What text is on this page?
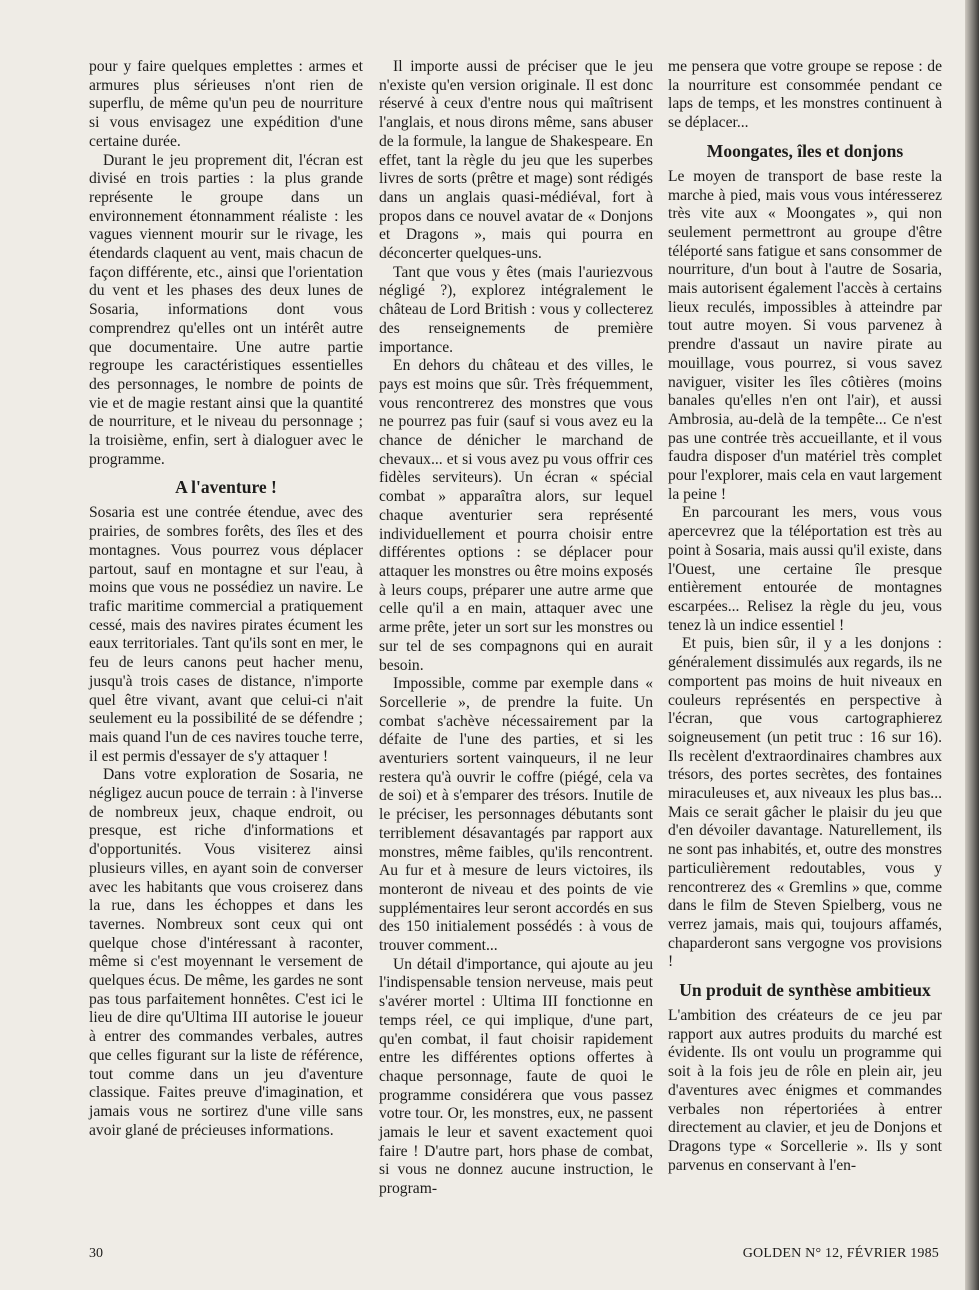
pour y faire quelques emplettes : armes et armures plus sérieuses n'ont rien de superflu, de même qu'un peu de nourriture si vous envisagez une expédition d'une certaine durée.

Durant le jeu proprement dit, l'écran est divisé en trois parties : la plus grande représente le groupe dans un environnement étonnamment réaliste : les vagues viennent mourir sur le rivage, les étendards claquent au vent, mais chacun de façon différente, etc., ainsi que l'orientation du vent et les phases des deux lunes de Sosaria, informations dont vous comprendrez qu'elles ont un intérêt autre que documentaire. Une autre partie regroupe les caractéristiques essentielles des personnages, le nombre de points de vie et de magie restant ainsi que la quantité de nourriture, et le niveau du personnage ; la troisième, enfin, sert à dialoguer avec le programme.

A l'aventure !

Sosaria est une contrée étendue, avec des prairies, de sombres forêts, des îles et des montagnes. Vous pourrez vous déplacer partout, sauf en montagne et sur l'eau, à moins que vous ne possédiez un navire. Le trafic maritime commercial a pratiquement cessé, mais des navires pirates écument les eaux territoriales. Tant qu'ils sont en mer, le feu de leurs canons peut hacher menu, jusqu'à trois cases de distance, n'importe quel être vivant, avant que celui-ci n'ait seulement eu la possibilité de se défendre ; mais quand l'un de ces navires touche terre, il est permis d'essayer de s'y attaquer !

Dans votre exploration de Sosaria, ne négligez aucun pouce de terrain : à l'inverse de nombreux jeux, chaque endroit, ou presque, est riche d'informations et d'opportunités. Vous visiterez ainsi plusieurs villes, en ayant soin de converser avec les habitants que vous croiserez dans la rue, dans les échoppes et dans les tavernes. Nombreux sont ceux qui ont quelque chose d'intéressant à raconter, même si c'est moyennant le versement de quelques écus. De même, les gardes ne sont pas tous parfaitement honnêtes. C'est ici le lieu de dire qu'Ultima III autorise le joueur à entrer des commandes verbales, autres que celles figurant sur la liste de référence, tout comme dans un jeu d'aventure classique. Faites preuve d'imagination, et jamais vous ne sortirez d'une ville sans avoir glané de précieuses informations.

Il importe aussi de préciser que le jeu n'existe qu'en version originale. Il est donc réservé à ceux d'entre nous qui maîtrisent l'anglais, et nous dirons même, sans abuser de la formule, la langue de Shakespeare. En effet, tant la règle du jeu que les superbes livres de sorts (prêtre et mage) sont rédigés dans un anglais quasi-médiéval, fort à propos dans ce nouvel avatar de « Donjons et Dragons », mais qui pourra en déconcerter quelques-uns.

Tant que vous y êtes (mais l'auriezvous négligé ?), explorez intégralement le château de Lord British : vous y collecterez des renseignements de première importance.

En dehors du château et des villes, le pays est moins que sûr. Très fréquemment, vous rencontrerez des monstres que vous ne pourrez pas fuir (sauf si vous avez eu la chance de dénicher le marchand de chevaux... et si vous avez pu vous offrir ces fidèles serviteurs). Un écran « spécial combat » apparaîtra alors, sur lequel chaque aventurier sera représenté individuellement et pourra choisir entre différentes options : se déplacer pour attaquer les monstres ou être moins exposés à leurs coups, préparer une autre arme que celle qu'il a en main, attaquer avec une arme prête, jeter un sort sur les monstres ou sur tel de ses compagnons qui en aurait besoin.

Impossible, comme par exemple dans « Sorcellerie », de prendre la fuite. Un combat s'achève nécessairement par la défaite de l'une des parties, et si les aventuriers sortent vainqueurs, il ne leur restera qu'à ouvrir le coffre (piégé, cela va de soi) et à s'emparer des trésors. Inutile de le préciser, les personnages débutants sont terriblement désavantagés par rapport aux monstres, même faibles, qu'ils rencontrent. Au fur et à mesure de leurs victoires, ils monteront de niveau et des points de vie supplémentaires leur seront accordés en sus des 150 initialement possédés : à vous de trouver comment...

Un détail d'importance, qui ajoute au jeu l'indispensable tension nerveuse, mais peut s'avérer mortel : Ultima III fonctionne en temps réel, ce qui implique, d'une part, qu'en combat, il faut choisir rapidement entre les différentes options offertes à chaque personnage, faute de quoi le programme considérera que vous passez votre tour. Or, les monstres, eux, ne passent jamais le leur et savent exactement quoi faire ! D'autre part, hors phase de combat, si vous ne donnez aucune instruction, le program-

me pensera que votre groupe se repose : de la nourriture est consommée pendant ce laps de temps, et les monstres continuent à se déplacer...

Moongates, îles et donjons

Le moyen de transport de base reste la marche à pied, mais vous vous intéresserez très vite aux « Moongates », qui non seulement permettront au groupe d'être téléporté sans fatigue et sans consommer de nourriture, d'un bout à l'autre de Sosaria, mais autorisent également l'accès à certains lieux reculés, impossibles à atteindre par tout autre moyen. Si vous parvenez à prendre d'assaut un navire pirate au mouillage, vous pourrez, si vous savez naviguer, visiter les îles côtières (moins banales qu'elles n'en ont l'air), et aussi Ambrosia, au-delà de la tempête... Ce n'est pas une contrée très accueillante, et il vous faudra disposer d'un matériel très complet pour l'explorer, mais cela en vaut largement la peine !

En parcourant les mers, vous vous apercevrez que la téléportation est très au point à Sosaria, mais aussi qu'il existe, dans l'Ouest, une certaine île presque entièrement entourée de montagnes escarpées... Relisez la règle du jeu, vous tenez là un indice essentiel !

Et puis, bien sûr, il y a les donjons : généralement dissimulés aux regards, ils ne comportent pas moins de huit niveaux en couleurs représentés en perspective à l'écran, que vous cartographierez soigneusement (un petit truc : 16 sur 16). Ils recèlent d'extraordinaires chambres aux trésors, des portes secrètes, des fontaines miraculeuses et, aux niveaux les plus bas... Mais ce serait gâcher le plaisir du jeu que d'en dévoiler davantage. Naturellement, ils ne sont pas inhabités, et, outre des monstres particulièrement redoutables, vous y rencontrerez des « Gremlins » que, comme dans le film de Steven Spielberg, vous ne verrez jamais, mais qui, toujours affamés, chaparderont sans vergogne vos provisions !

Un produit de synthèse ambitieux

L'ambition des créateurs de ce jeu par rapport aux autres produits du marché est évidente. Ils ont voulu un programme qui soit à la fois jeu de rôle en plein air, jeu d'aventures avec énigmes et commandes verbales non répertoriées à entrer directement au clavier, et jeu de Donjons et Dragons type « Sorcellerie ». Ils y sont parvenus en conservant à l'en-

30	GOLDEN N° 12, FÉVRIER 1985
